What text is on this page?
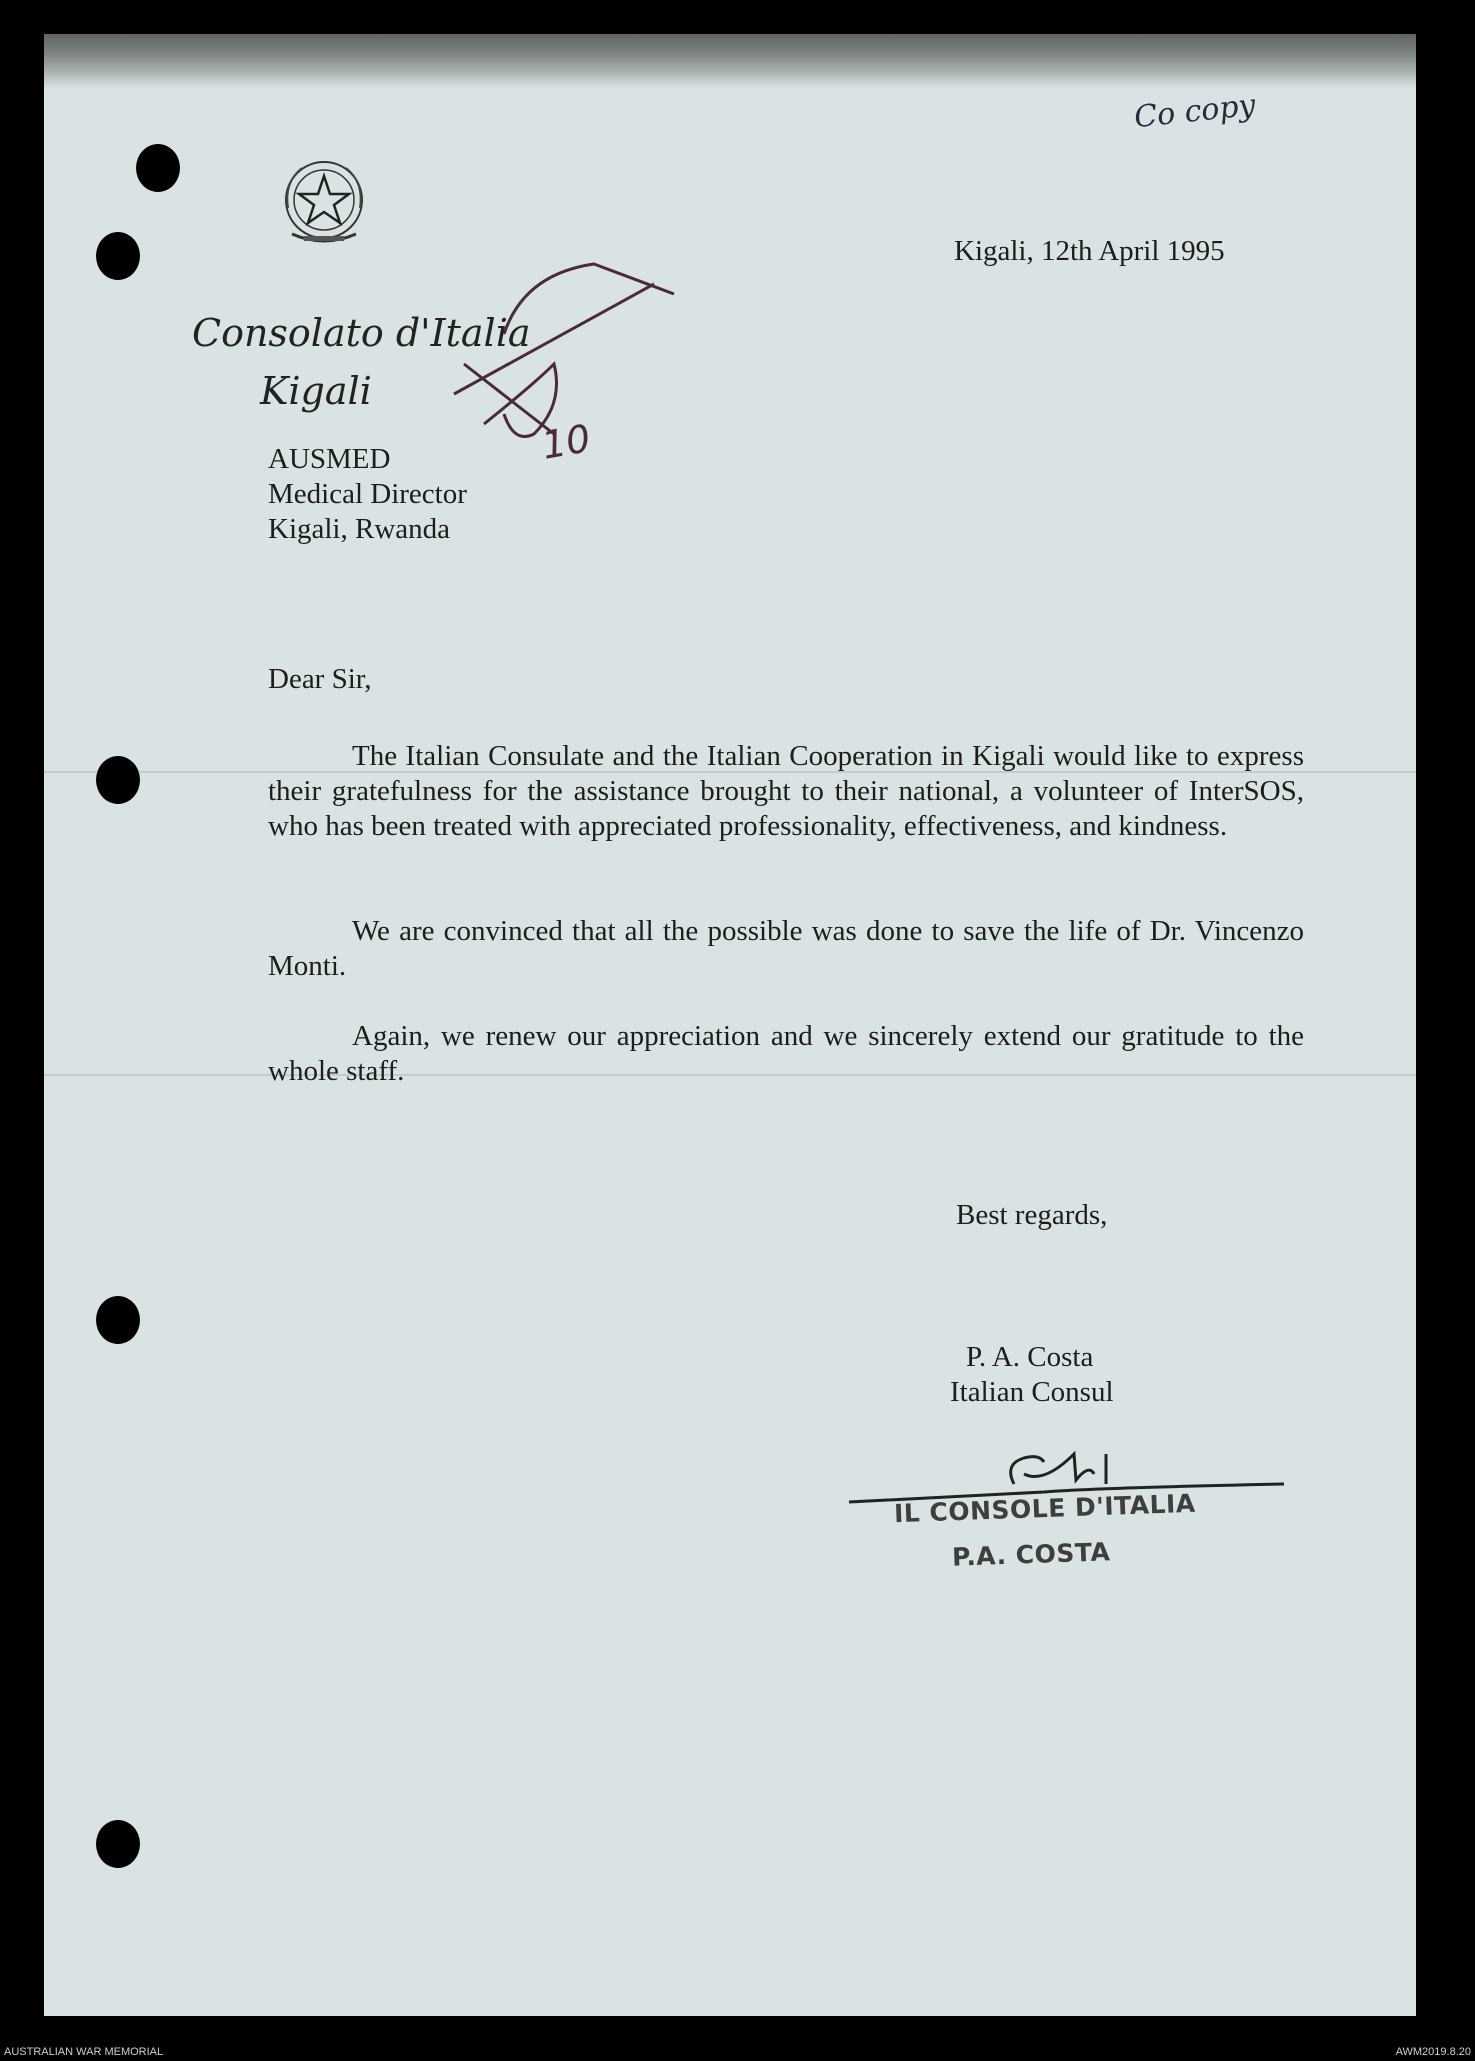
Co copy
Consolato d'Italia
Kigali
10
Kigali, 12th April 1995
AUSMED
Medical Director
Kigali, Rwanda
Dear Sir,
The Italian Consulate and the Italian Cooperation in Kigali would like to express their gratefulness for the assistance brought to their national, a volunteer of InterSOS, who has been treated with appreciated professionality, effectiveness, and kindness.
We are convinced that all the possible was done to save the life of Dr. Vincenzo Monti.
Again, we renew our appreciation and we sincerely extend our gratitude to the whole staff.
Best regards,
P. A. Costa
Italian Consul
IL CONSOLE D'ITALIA
P.A. COSTA
AUSTRALIAN WAR MEMORIAL	AWM2019.8.20
